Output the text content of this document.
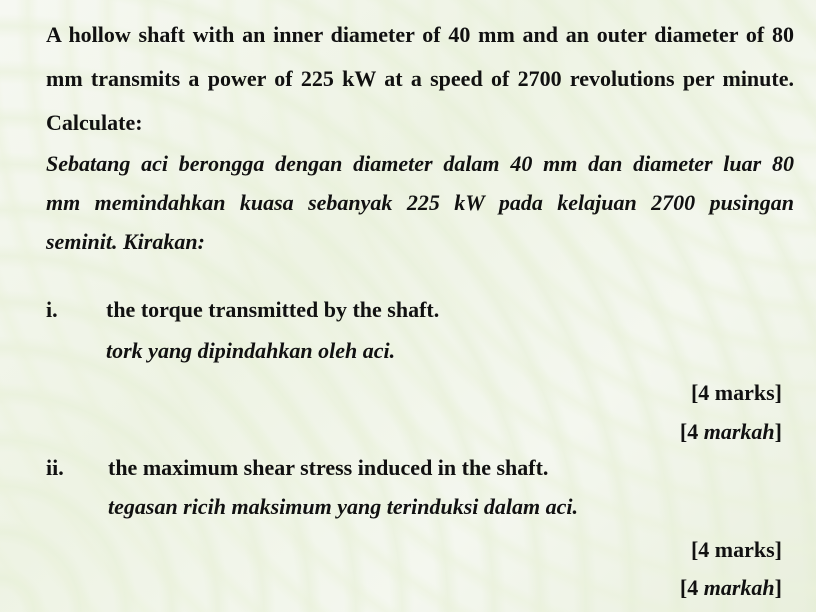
A hollow shaft with an inner diameter of 40 mm and an outer diameter of 80

mm transmits a power of 225 kW at a speed of 2700 revolutions per minute.

Calculate:

Sebatang aci berongga dengan diameter dalam 40 mm dan diameter luar 80

mm memindahkan kuasa sebanyak 225 kW pada kelajuan 2700 pusingan

seminit. Kirakan:

i. the torque transmitted by the shaft.

tork yang dipindahkan oleh aci.

[4 marks]

[4 markah]

ii. the maximum shear stress induced in the shaft.

tegasan ricih maksimum yang terinduksi dalam aci.

[4 marks]

[4 markah]
